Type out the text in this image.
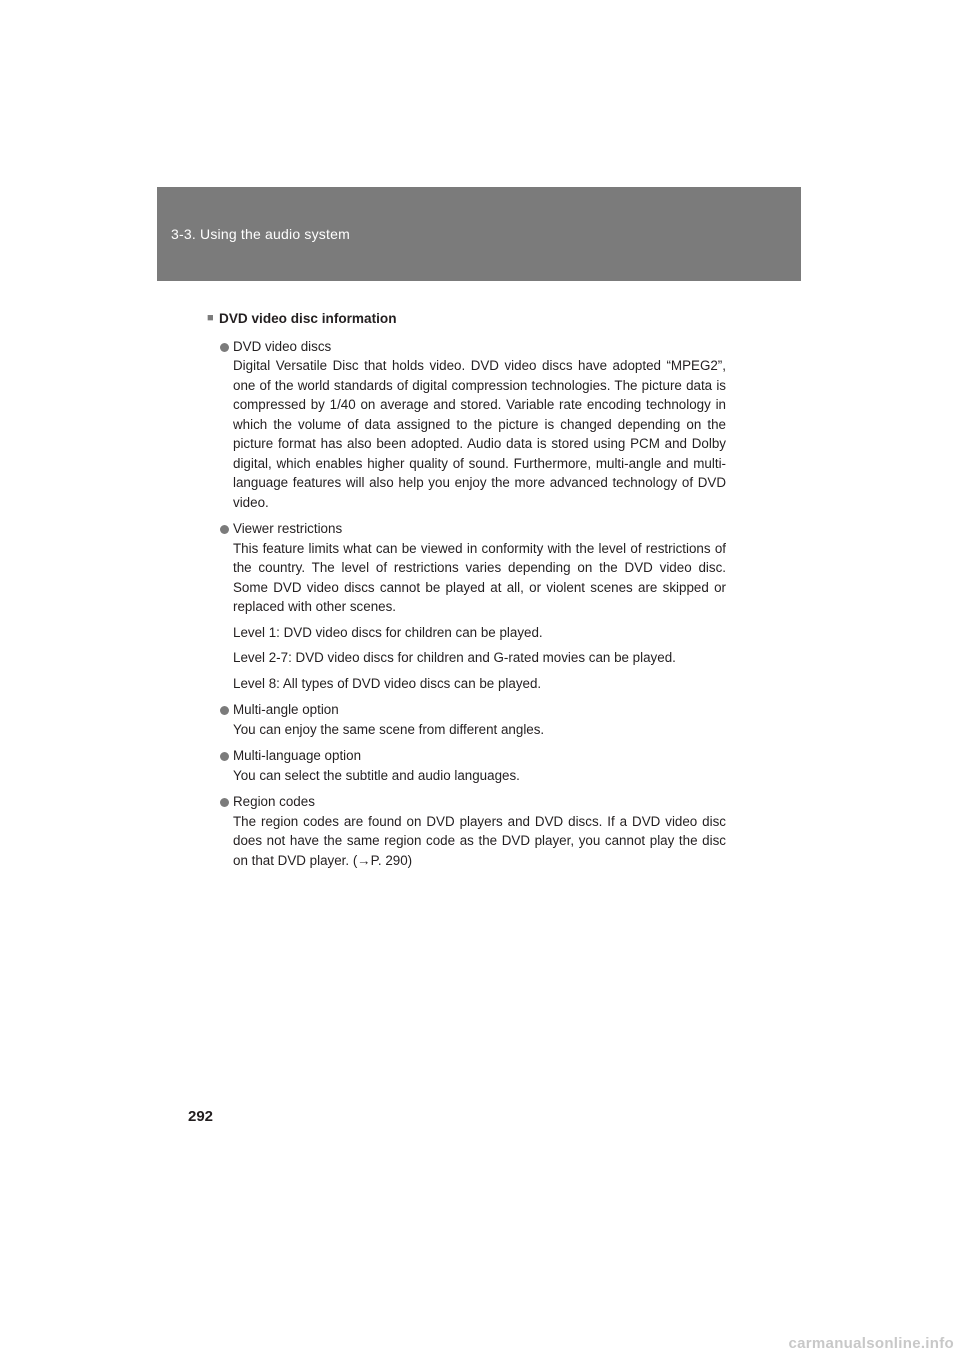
3-3. Using the audio system
■ DVD video disc information
DVD video discs
Digital Versatile Disc that holds video. DVD video discs have adopted “MPEG2”, one of the world standards of digital compression technologies. The picture data is compressed by 1/40 on average and stored. Variable rate encoding technology in which the volume of data assigned to the picture is changed depending on the picture format has also been adopted. Audio data is stored using PCM and Dolby digital, which enables higher quality of sound. Furthermore, multi-angle and multi-language features will also help you enjoy the more advanced technology of DVD video.
Viewer restrictions
This feature limits what can be viewed in conformity with the level of restrictions of the country. The level of restrictions varies depending on the DVD video disc. Some DVD video discs cannot be played at all, or violent scenes are skipped or replaced with other scenes.
Level 1: DVD video discs for children can be played.
Level 2-7: DVD video discs for children and G-rated movies can be played.
Level 8: All types of DVD video discs can be played.
Multi-angle option
You can enjoy the same scene from different angles.
Multi-language option
You can select the subtitle and audio languages.
Region codes
The region codes are found on DVD players and DVD discs. If a DVD video disc does not have the same region code as the DVD player, you cannot play the disc on that DVD player. (→P. 290)
292
carmanualsonline.info
